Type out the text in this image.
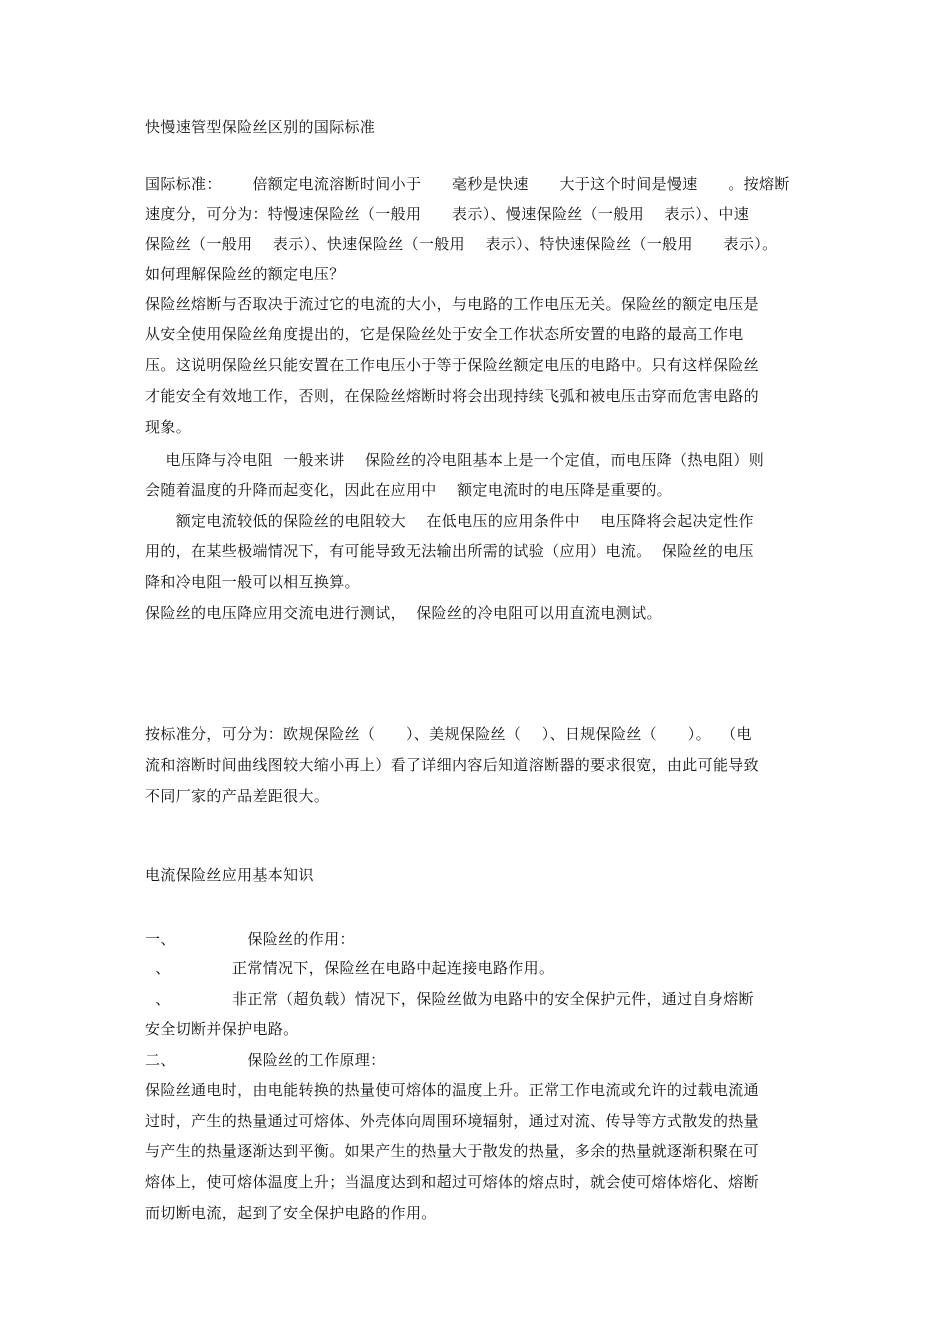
快慢速管型保险丝区别的国际标准
国际标准：      倍额定电流溶断时间小于      毫秒是快速      大于这个时间是慢速      。按熔断
速度分，可分为：特慢速保险丝（一般用      表示）、慢速保险丝（一般用    表示）、中速
保险丝（一般用    表示）、快速保险丝（一般用    表示）、特快速保险丝（一般用      表示）。
如何理解保险丝的额定电压？
保险丝熔断与否取决于流过它的电流的大小，与电路的工作电压无关。保险丝的额定电压是
从安全使用保险丝角度提出的，它是保险丝处于安全工作状态所安置的电路的最高工作电
压。这说明保险丝只能安置在工作电压小于等于保险丝额定电压的电路中。只有这样保险丝
才能安全有效地工作，否则，在保险丝熔断时将会出现持续飞弧和被电压击穿而危害电路的
现象。
电压降与冷电阻  一般来讲    保险丝的冷电阻基本上是一个定值，而电压降（热电阻）则
会随着温度的升降而起变化，因此在应用中    额定电流时的电压降是重要的。
额定电流较低的保险丝的电阻较大    在低电压的应用条件中    电压降将会起决定性作
用的，在某些极端情况下，有可能导致无法输出所需的试验（应用）电流。  保险丝的电压
降和冷电阻一般可以相互换算。
保险丝的电压降应用交流电进行测试，  保险丝的冷电阻可以用直流电测试。
按标准分，可分为：欧规保险丝（      ）、美规保险丝（    ）、日规保险丝（      ）。  （电
流和溶断时间曲线图较大缩小再上）看了详细内容后知道溶断器的要求很宽，由此可能导致
不同厂家的产品差距很大。
电流保险丝应用基本知识
一、              保险丝的作用：
、            正常情况下，保险丝在电路中起连接电路作用。
、            非正常（超负载）情况下，保险丝做为电路中的安全保护元件，通过自身熔断
安全切断并保护电路。
二、              保险丝的工作原理：
保险丝通电时，由电能转换的热量使可熔体的温度上升。正常工作电流或允许的过载电流通
过时，产生的热量通过可熔体、外壳体向周围环境辐射，通过对流、传导等方式散发的热量
与产生的热量逐渐达到平衡。如果产生的热量大于散发的热量，多余的热量就逐渐积聚在可
熔体上，使可熔体温度上升；当温度达到和超过可熔体的熔点时，就会使可熔体熔化、熔断
而切断电流，起到了安全保护电路的作用。
